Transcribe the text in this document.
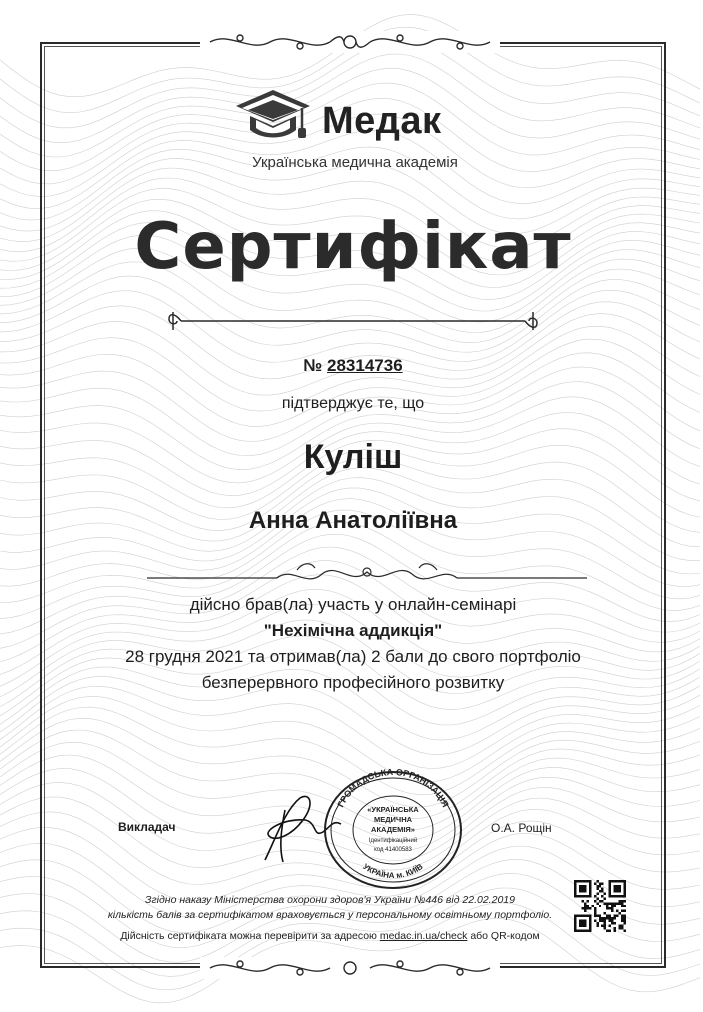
Медак
Українська медична академія
Сертифікат
№ 28314736
підтверджує те, що
Куліш
Анна Анатоліївна
дійсно брав(ла) участь у онлайн-семінарі
"Нехімічна аддикція"
28 грудня 2021 та отримав(ла) 2 бали до свого портфоліо
безперервного професійного розвитку
Викладач
ГРОМАДСЬКА ОРГАНІЗАЦІЯ
УКРАЇНА м. КИЇВ
«УКРАЇНСЬКА
МЕДИЧНА
АКАДЕМІЯ»
Ідентифікаційний
код 41400583
О.А. Рощін
Згідно наказу Міністерства охорони здоров'я України №446 від 22.02.2019
кількість балів за сертифікатом враховується у персональному освітньому портфоліо.
Дійсність сертифіката можна перевірити за адресою medac.in.ua/check або QR-кодом
